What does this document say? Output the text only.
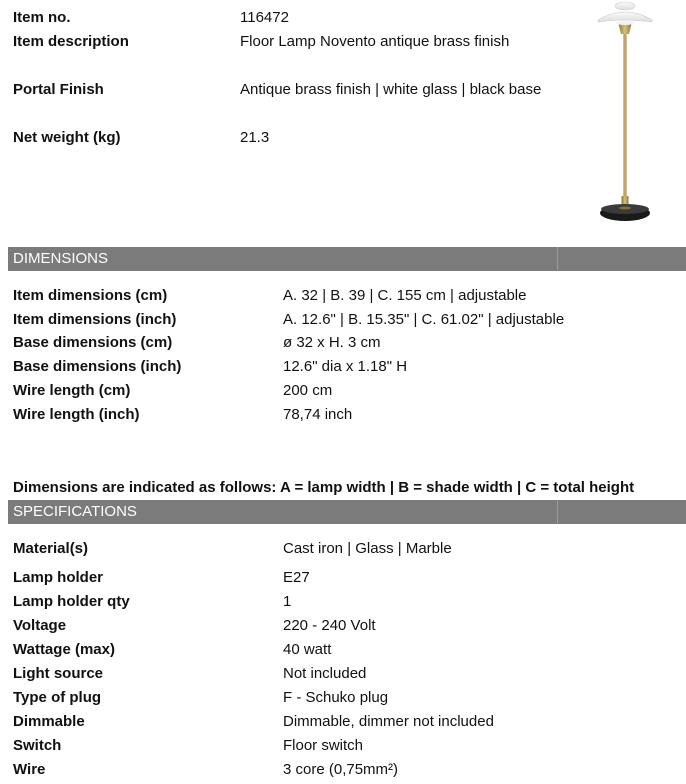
Item no.	116472
Item description	Floor Lamp Novento antique brass finish
Portal Finish	Antique brass finish | white glass | black base
Net weight (kg)	21.3
DIMENSIONS
Item dimensions (cm)	A. 32 | B. 39 | C. 155 cm | adjustable
Item dimensions (inch)	A. 12.6" | B. 15.35" | C. 61.02" | adjustable
Base dimensions (cm)	ø 32 x H. 3 cm
Base dimensions (inch)	12.6" dia x 1.18" H
Wire length (cm)	200 cm
Wire length (inch)	78,74 inch
Dimensions are indicated as follows: A = lamp width | B = shade width | C = total height
SPECIFICATIONS
Material(s)	Cast iron | Glass | Marble
Lamp holder	E27
Lamp holder qty	1
Voltage	220 - 240 Volt
Wattage (max)	40 watt
Light source	Not included
Type of plug	F - Schuko plug
Dimmable	Dimmable, dimmer not included
Switch	Floor switch
Wire	3 core (0,75mm²)
